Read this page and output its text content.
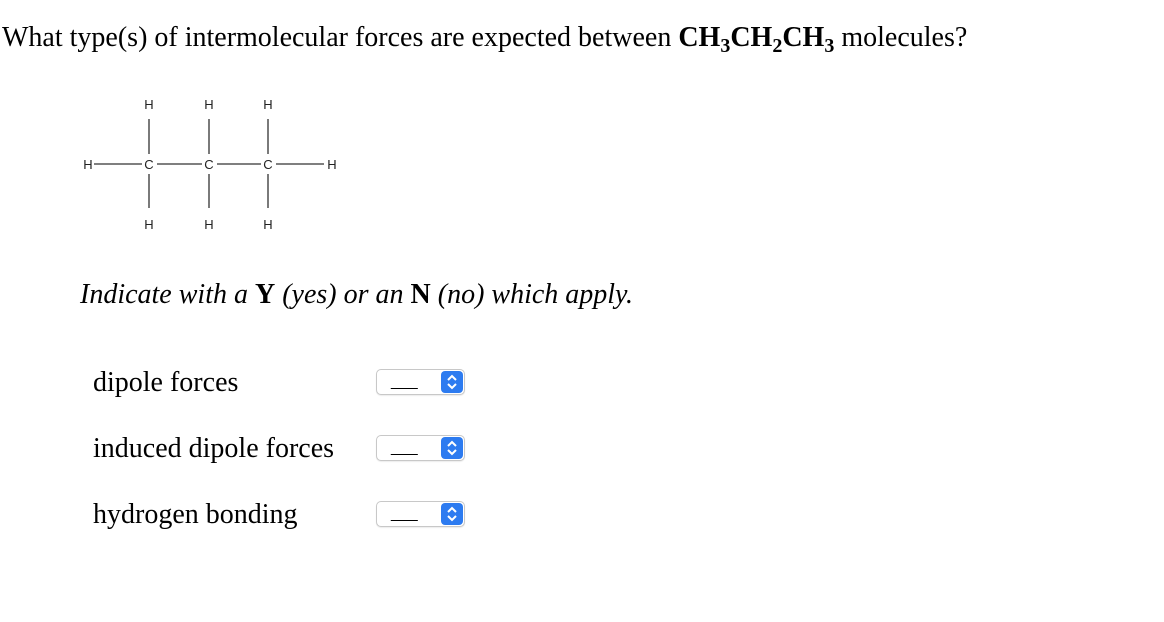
What type(s) of intermolecular forces are expected between $CH_3CH_2CH_3$ molecules?
H	H	H
H	C	C	C	H
H	H	H
Indicate with a Y (yes) or an N (no) which apply.
dipole forces	___
induced dipole forces	___
hydrogen bonding	___
